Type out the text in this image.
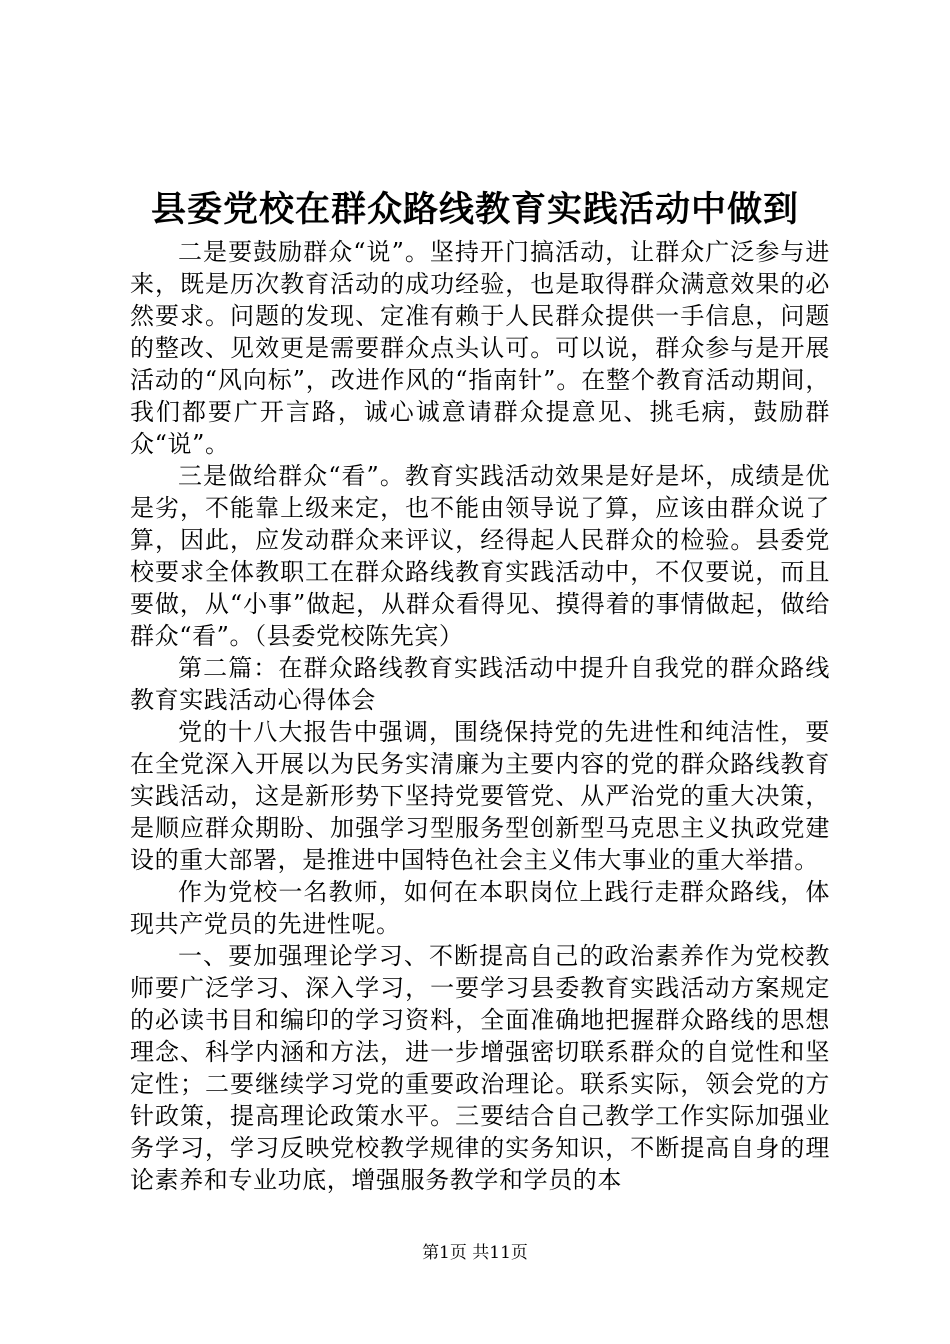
县委党校在群众路线教育实践活动中做到

二是要鼓励群众“说”。坚持开门搞活动，让群众广泛参与进来，既是历次教育活动的成功经验，也是取得群众满意效果的必然要求。问题的发现、定准有赖于人民群众提供一手信息，问题的整改、见效更是需要群众点头认可。可以说，群众参与是开展活动的“风向标”，改进作风的“指南针”。在整个教育活动期间，我们都要广开言路，诚心诚意请群众提意见、挑毛病，鼓励群众“说”。

三是做给群众“看”。教育实践活动效果是好是坏，成绩是优是劣，不能靠上级来定，也不能由领导说了算，应该由群众说了算，因此，应发动群众来评议，经得起人民群众的检验。县委党校要求全体教职工在群众路线教育实践活动中，不仅要说，而且要做，从“小事”做起，从群众看得见、摸得着的事情做起，做给群众“看”。（县委党校陈先宾）

第二篇：在群众路线教育实践活动中提升自我党的群众路线教育实践活动心得体会

党的十八大报告中强调，围绕保持党的先进性和纯洁性，要在全党深入开展以为民务实清廉为主要内容的党的群众路线教育实践活动，这是新形势下坚持党要管党、从严治党的重大决策，是顺应群众期盼、加强学习型服务型创新型马克思主义执政党建设的重大部署，是推进中国特色社会主义伟大事业的重大举措。

作为党校一名教师，如何在本职岗位上践行走群众路线，体现共产党员的先进性呢。

一、要加强理论学习、不断提高自己的政治素养作为党校教师要广泛学习、深入学习，一要学习县委教育实践活动方案规定的必读书目和编印的学习资料，全面准确地把握群众路线的思想理念、科学内涵和方法，进一步增强密切联系群众的自觉性和坚定性；二要继续学习党的重要政治理论。联系实际，领会党的方针政策，提高理论政策水平。三要结合自己教学工作实际加强业务学习，学习反映党校教学规律的实务知识，不断提高自身的理论素养和专业功底，增强服务教学和学员的本

第1页 共11页
